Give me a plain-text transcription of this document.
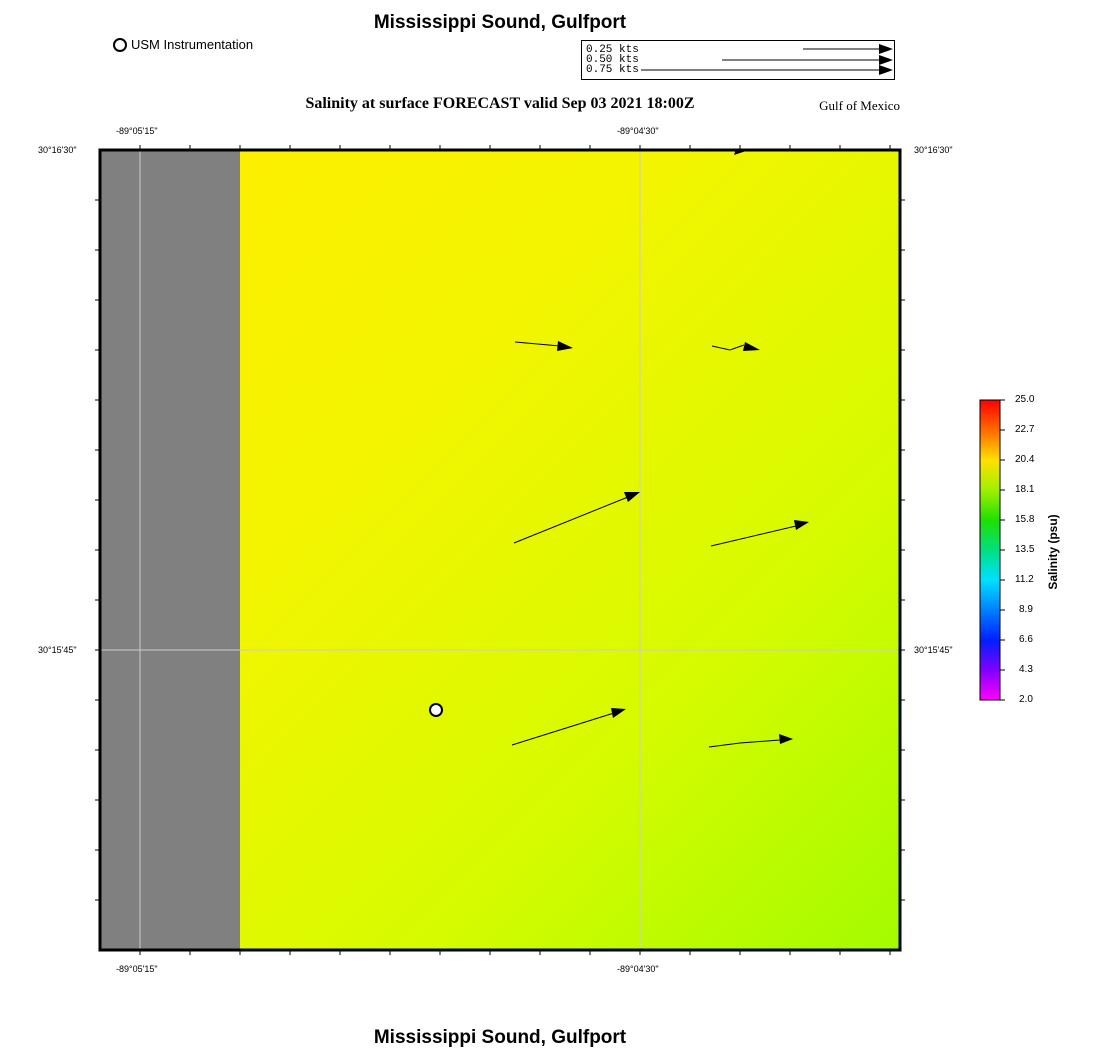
Mississippi Sound, Gulfport
USM Instrumentation	0.25 kts
0.50 kts
0.75 kts
Salinity at surface FORECAST valid Sep 03 2021 18:00Z	Gulf of Mexico
-89°05'15"	-89°04'30"
-89°05'15"	-89°04'30"
30°16'30"
30°15'45"
30°16'30"
30°15'45"
25.0
22.7
20.4
18.1
15.8
13.5
11.2
8.9
6.6
4.3
2.0
Salinity (psu)
Mississippi Sound, Gulfport
